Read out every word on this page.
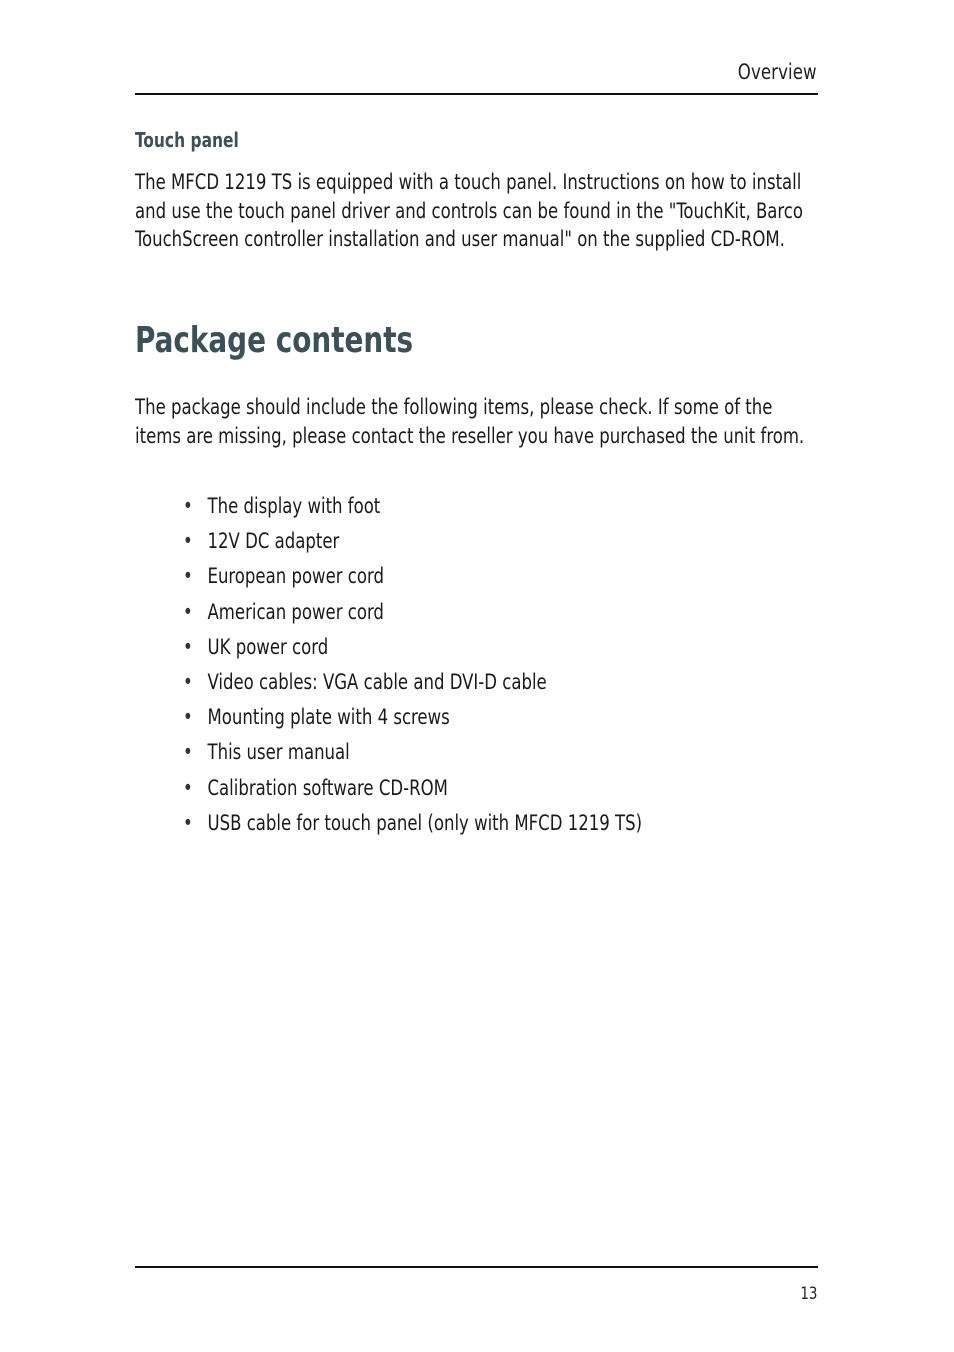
Overview
Touch panel
The MFCD 1219 TS is equipped with a touch panel. Instructions on how to install and use the touch panel driver and controls can be found in the "TouchKit, Barco TouchScreen controller installation and user manual" on the supplied CD-ROM.
Package contents
The package should include the following items, please check. If some of the items are missing, please contact the reseller you have purchased the unit from.
• The display with foot
• 12V DC adapter
• European power cord
• American power cord
• UK power cord
• Video cables: VGA cable and DVI-D cable
• Mounting plate with 4 screws
• This user manual
• Calibration software CD-ROM
• USB cable for touch panel (only with MFCD 1219 TS)
13
